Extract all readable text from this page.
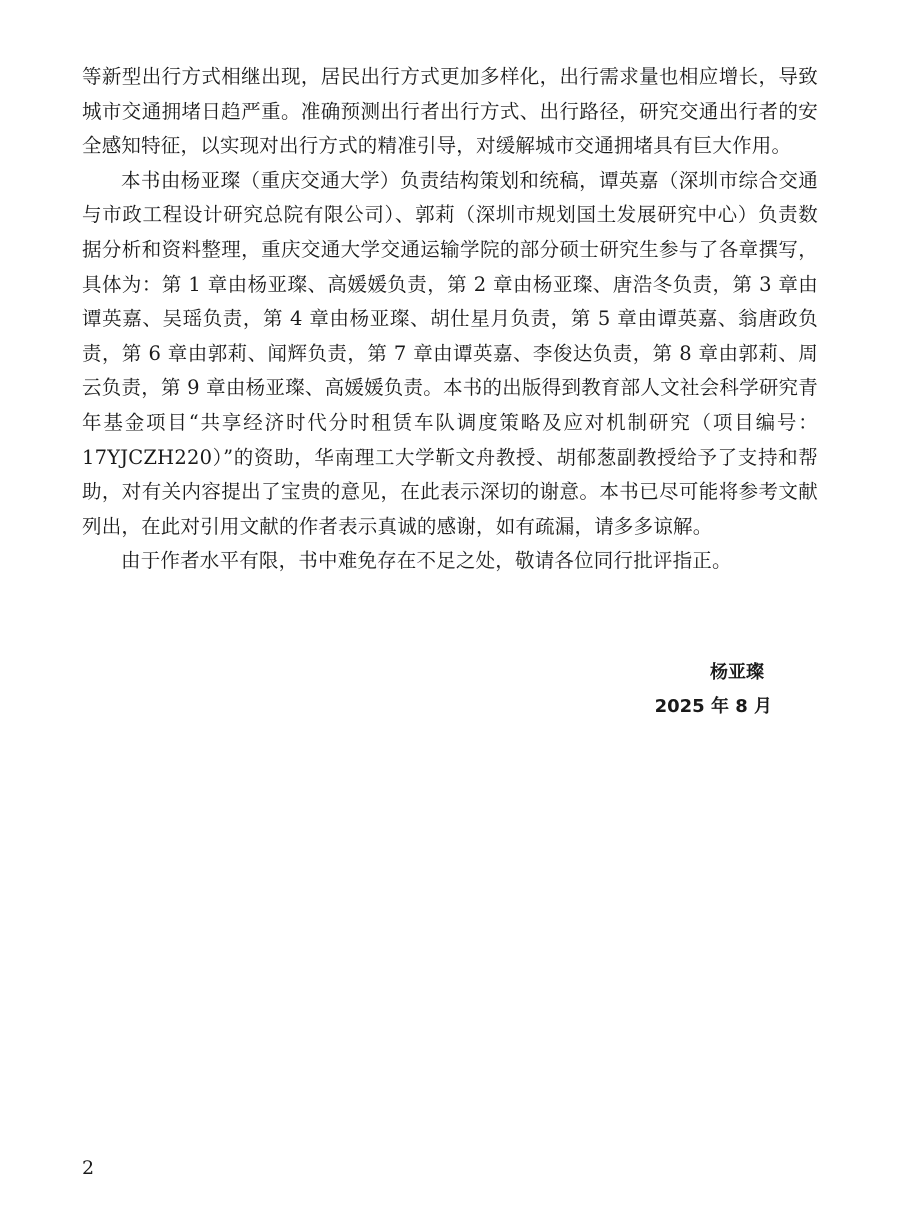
等新型出行方式相继出现，居民出行方式更加多样化，出行需求量也相应增长，导致城市交通拥堵日趋严重。准确预测出行者出行方式、出行路径，研究交通出行者的安全感知特征，以实现对出行方式的精准引导，对缓解城市交通拥堵具有巨大作用。

本书由杨亚璨（重庆交通大学）负责结构策划和统稿，谭英嘉（深圳市综合交通与市政工程设计研究总院有限公司）、郭莉（深圳市规划国土发展研究中心）负责数据分析和资料整理，重庆交通大学交通运输学院的部分硕士研究生参与了各章撰写，具体为：第 1 章由杨亚璨、高媛媛负责，第 2 章由杨亚璨、唐浩冬负责，第 3 章由谭英嘉、吴瑶负责，第 4 章由杨亚璨、胡仕星月负责，第 5 章由谭英嘉、翁唐政负责，第 6 章由郭莉、闻辉负责，第 7 章由谭英嘉、李俊达负责，第 8 章由郭莉、周云负责，第 9 章由杨亚璨、高媛媛负责。本书的出版得到教育部人文社会科学研究青年基金项目“共享经济时代分时租赁车队调度策略及应对机制研究（项目编号：17YJCZH220）”的资助，华南理工大学靳文舟教授、胡郁葱副教授给予了支持和帮助，对有关内容提出了宝贵的意见，在此表示深切的谢意。本书已尽可能将参考文献列出，在此对引用文献的作者表示真诚的感谢，如有疏漏，请多多谅解。

由于作者水平有限，书中难免存在不足之处，敬请各位同行批评指正。

杨亚璨
2025 年 8 月
2
